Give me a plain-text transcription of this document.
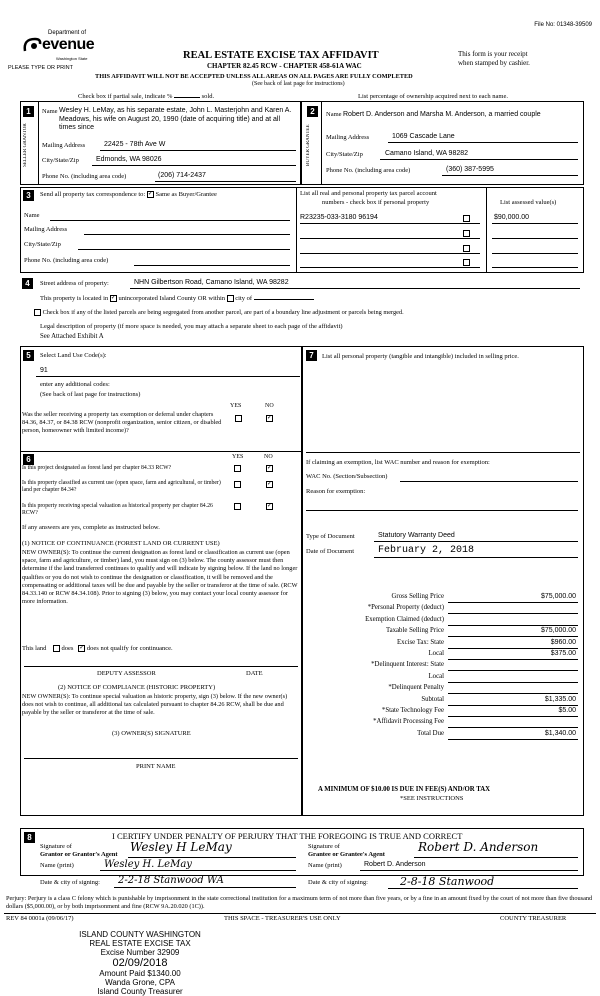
File No: 01348-39509
Department of
evenue
Washington State
PLEASE TYPE OR PRINT
REAL ESTATE EXCISE TAX AFFIDAVIT
CHAPTER 82.45 RCW - CHAPTER 458-61A WAC
This form is your receipt
when stamped by cashier.
THIS AFFIDAVIT WILL NOT BE ACCEPTED UNLESS ALL AREAS ON ALL PAGES ARE FULLY COMPLETED
(See back of last page for instructions)
Check box if partial sale, indicate %	sold.	List percentage of ownership acquired next to each name.
1
SELLER GRANTOR
Name Wesley H. LeMay, as his separate estate, John L. Masterjohn and Karen A. Meadows, his wife on August 20, 1990 (date of acquiring title) and at all times since
Mailing Address	22425 - 78th Ave W
City/State/Zip Edmonds, WA 98026
Phone No. (including area code)	(206) 714-2437
2
BUYER GRANTEE
Name Robert D. Anderson and Marsha M. Anderson, a married couple
Mailing Address	1069 Cascade Lane
City/State/Zip	Camano Island, WA 98282
Phone No. (including area code)	(360) 387-5995
3	Send all property tax correspondence to: ✓ Same as Buyer/Grantee
Name
Mailing Address
City/State/Zip
Phone No. (including area code)
List all real and personal property tax parcel account
numbers - check box if personal property	List assessed value(s)
R23235-033-3180 96194	$90,000.00
4	Street address of property:	NHN Gilbertson Road, Camano Island, WA 98282
This property is located in ✓ unincorporated Island County OR within city of
Check box if any of the listed parcels are being segregated from another parcel, are part of a boundary line adjustment or parcels being merged.
Legal description of property (if more space is needed, you may attach a separate sheet to each page of the affidavit)
See Attached Exhibit A
5	Select Land Use Code(s):
91
enter any additional codes:
(See back of last page for instructions)
YES	NO
Was the seller receiving a property tax exemption or deferral under chapters 84.36, 84.37, or 84.38 RCW (nonprofit organization, senior citizen, or disabled person, homeowner with limited income)?
✓
6	YES	NO
Is this project designated as forest land per chapter 84.33 RCW?	✓
Is this property classified as current use (open space, farm and agricultural, or timber) land per chapter 84.34?
✓
Is this property receiving special valuation as historical property per chapter 84.26 RCW?
✓
If any answers are yes, complete as instructed below.
(1) NOTICE OF CONTINUANCE (FOREST LAND OR CURRENT USE)
NEW OWNER(S): To continue the current designation as forest land or classification as current use (open space, farm and agriculture, or timber) land, you must sign on (3) below. The county assessor must then determine if the land transferred continues to qualify and will indicate by signing below. If the land no longer qualifies or you do not wish to continue the designation or classification, it will be removed and the compensating or additional taxes will be due and payable by the seller or transferor at the time of sale. (RCW 84.33.140 or RCW 84.34.108). Prior to signing (3) below, you may contact your local county assessor for more information.
This land does ✓ does not qualify for continuance.
DEPUTY ASSESSOR	DATE
(2) NOTICE OF COMPLIANCE (HISTORIC PROPERTY)
NEW OWNER(S): To continue special valuation as historic property, sign (3) below. If the new owner(s) does not wish to continue, all additional tax calculated pursuant to chapter 84.26 RCW, shall be due and payable by the seller or transferor at the time of sale.
(3) OWNER(S) SIGNATURE
PRINT NAME
7	List all personal property (tangible and intangible) included in selling price.
If claiming an exemption, list WAC number and reason for exemption:
WAC No. (Section/Subsection)
Reason for exemption:
Type of Document	Statutory Warranty Deed
Date of Document February 2, 2018
Gross Selling Price	$75,000.00
*Personal Property (deduct)
Exemption Claimed (deduct)
Taxable Selling Price	$75,000.00
Excise Tax: State	$960.00
Local	$375.00
*Delinquent Interest: State
Local
*Delinquent Penalty
Subtotal	$1,335.00
*State Technology Fee	$5.00
*Affidavit Processing Fee
Total Due	$1,340.00
A MINIMUM OF $10.00 IS DUE IN FEE(S) AND/OR TAX
*SEE INSTRUCTIONS
8	I CERTIFY UNDER PENALTY OF PERJURY THAT THE FOREGOING IS TRUE AND CORRECT
Signature of
Grantor or Grantor's Agent
Wesley H LeMay
Name (print)	Wesley H. LeMay
Date & city of signing: 2-2-18 Stanwood WA
Signature of
Grantee or Grantee's Agent
Robert D. Anderson
Name (print)	Robert D. Anderson
Date & city of signing:	2-8-18 Stanwood
Perjury: Perjury is a class C felony which is punishable by imprisonment in the state correctional institution for a maximum term of not more than five years, or by a fine in an amount fixed by the court of not more than five thousand dollars ($5,000.00), or by both imprisonment and fine (RCW 9A.20.020 (1C)).
REV 84 0001a (09/06/17)	THIS SPACE - TREASURER'S USE ONLY	COUNTY TREASURER
ISLAND COUNTY WASHINGTON
REAL ESTATE EXCISE TAX
Excise Number 32909
02/09/2018
Amount Paid $1340.00
Wanda Grone, CPA
Island County Treasurer
